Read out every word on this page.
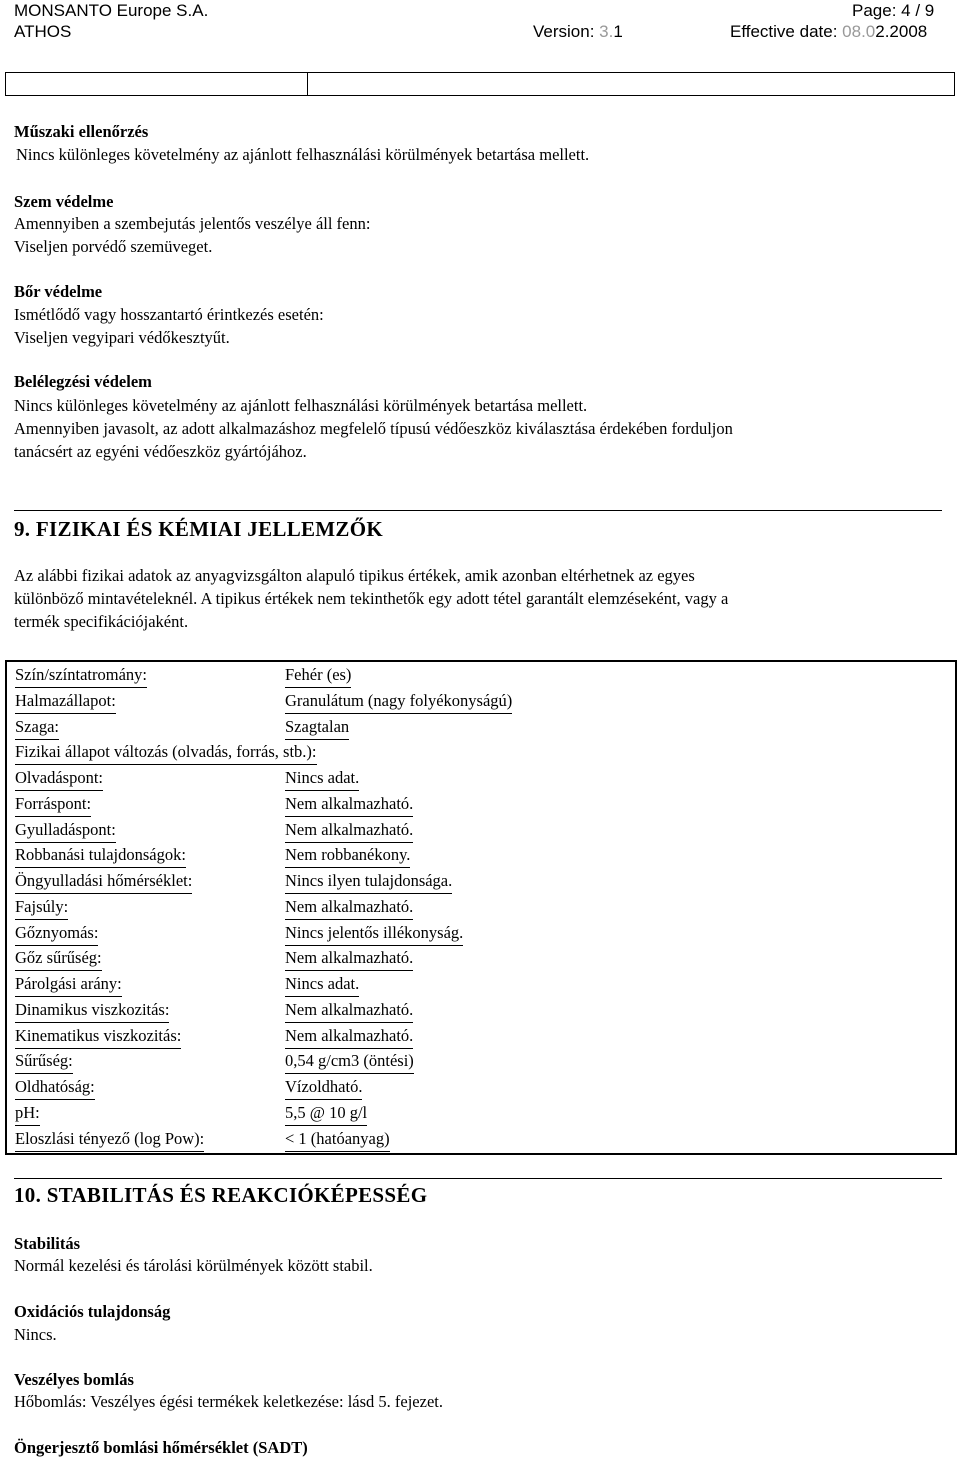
MONSANTO Europe S.A.
ATHOS
Page: 4 / 9
Version: 3.1	Effective date: 08.02.2008
Műszaki ellenőrzés
Nincs különleges követelmény az ajánlott felhasználási körülmények betartása mellett.
Szem védelme
Amennyiben a szembejutás jelentős veszélye áll fenn:
Viseljen porvédő szemüveget.
Bőr védelme
Ismétlődő vagy hosszantartó érintkezés esetén:
Viseljen vegyipari védőkesztyűt.
Belélegzési védelem
Nincs különleges követelmény az ajánlott felhasználási körülmények betartása mellett.
Amennyiben javasolt, az adott alkalmazáshoz megfelelő típusú védőeszköz kiválasztása érdekében forduljon
tanácsért az egyéni védőeszköz gyártójához.
9. FIZIKAI ÉS KÉMIAI JELLEMZŐK
Az alábbi fizikai adatok az anyagvizsgálton alapuló tipikus értékek, amik azonban eltérhetnek az egyes
különböző mintavételeknél. A tipikus értékek nem tekinthetők egy adott tétel garantált elemzéseként, vagy a
termék specifikációjaként.
Szín/színtatromány:	Fehér (es)
Halmazállapot:	Granulátum (nagy folyékonyságú)
Szaga:	Szagtalan
Fizikai állapot változás (olvadás, forrás, stb.):
Olvadáspont:	Nincs adat.
Forráspont:	Nem alkalmazható.
Gyulladáspont:	Nem alkalmazható.
Robbanási tulajdonságok:	Nem robbanékony.
Öngyulladási hőmérséklet:	Nincs ilyen tulajdonsága.
Fajsúly:	Nem alkalmazható.
Gőznyomás:	Nincs jelentős illékonyság.
Gőz sűrűség:	Nem alkalmazható.
Párolgási arány:	Nincs adat.
Dinamikus viszkozitás:	Nem alkalmazható.
Kinematikus viszkozitás:	Nem alkalmazható.
Sűrűség:	0,54 g/cm3 (öntési)
Oldhatóság:	Vízoldható.
pH:	5,5 @ 10 g/l
Eloszlási tényező (log Pow):	< 1 (hatóanyag)
10. STABILITÁS ÉS REAKCIÓKÉPESSÉG
Stabilitás
Normál kezelési és tárolási körülmények között stabil.
Oxidációs tulajdonság
Nincs.
Veszélyes bomlás
Hőbomlás: Veszélyes égési termékek keletkezése: lásd 5. fejezet.
Öngerjesztő bomlási hőmérséklet (SADT)
